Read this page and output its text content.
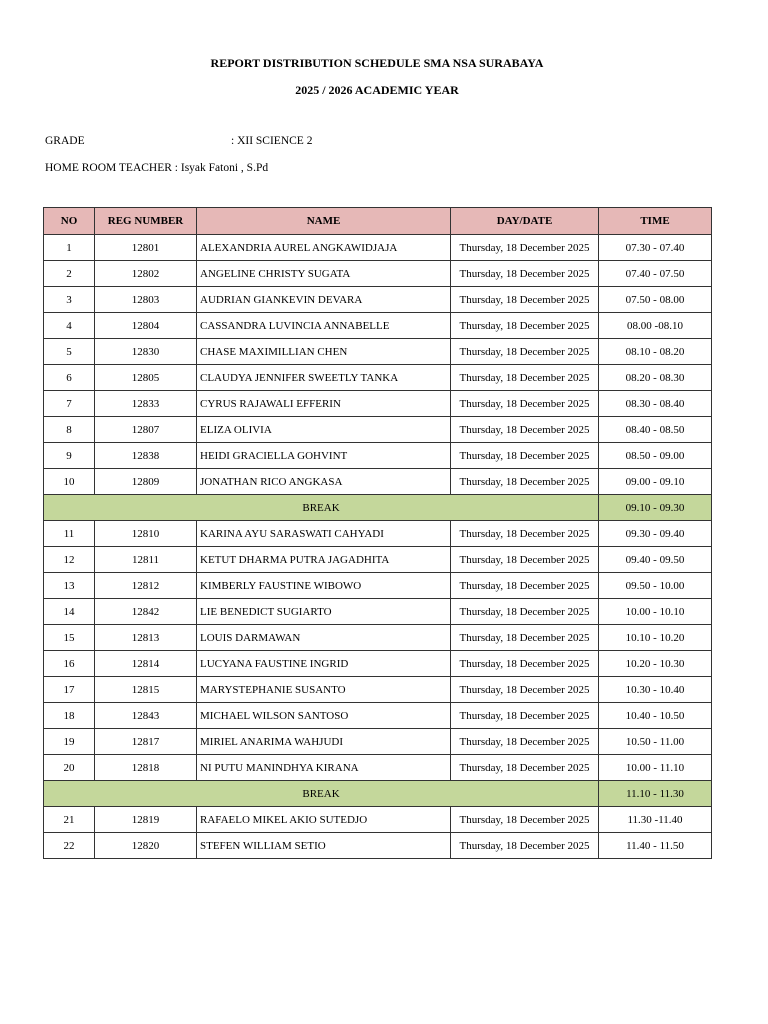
REPORT DISTRIBUTION SCHEDULE SMA NSA SURABAYA
2025 / 2026 ACADEMIC YEAR
GRADE	: XII SCIENCE 2
HOME ROOM TEACHER : Isyak Fatoni , S.Pd
NO	REG NUMBER	NAME	DAY/DATE	TIME
1	12801	ALEXANDRIA AUREL ANGKAWIDJAJA	Thursday, 18 December 2025	07.30 - 07.40
2	12802	ANGELINE CHRISTY SUGATA	Thursday, 18 December 2025	07.40 - 07.50
3	12803	AUDRIAN GIANKEVIN DEVARA	Thursday, 18 December 2025	07.50 - 08.00
4	12804	CASSANDRA LUVINCIA ANNABELLE	Thursday, 18 December 2025	08.00 -08.10
5	12830	CHASE MAXIMILLIAN CHEN	Thursday, 18 December 2025	08.10 - 08.20
6	12805	CLAUDYA JENNIFER SWEETLY TANKA	Thursday, 18 December 2025	08.20 - 08.30
7	12833	CYRUS RAJAWALI EFFERIN	Thursday, 18 December 2025	08.30 - 08.40
8	12807	ELIZA OLIVIA	Thursday, 18 December 2025	08.40 - 08.50
9	12838	HEIDI GRACIELLA GOHVINT	Thursday, 18 December 2025	08.50 - 09.00
10	12809	JONATHAN RICO ANGKASA	Thursday, 18 December 2025	09.00 - 09.10
BREAK				09.10 - 09.30
11	12810	KARINA AYU SARASWATI CAHYADI	Thursday, 18 December 2025	09.30 - 09.40
12	12811	KETUT DHARMA PUTRA JAGADHITA	Thursday, 18 December 2025	09.40 - 09.50
13	12812	KIMBERLY FAUSTINE WIBOWO	Thursday, 18 December 2025	09.50 - 10.00
14	12842	LIE BENEDICT SUGIARTO	Thursday, 18 December 2025	10.00 - 10.10
15	12813	LOUIS DARMAWAN	Thursday, 18 December 2025	10.10 - 10.20
16	12814	LUCYANA FAUSTINE INGRID	Thursday, 18 December 2025	10.20 - 10.30
17	12815	MARYSTEPHANIE SUSANTO	Thursday, 18 December 2025	10.30 - 10.40
18	12843	MICHAEL WILSON SANTOSO	Thursday, 18 December 2025	10.40 - 10.50
19	12817	MIRIEL ANARIMA WAHJUDI	Thursday, 18 December 2025	10.50 - 11.00
20	12818	NI PUTU MANINDHYA KIRANA	Thursday, 18 December 2025	10.00 - 11.10
BREAK				11.10 - 11.30
21	12819	RAFAELO MIKEL AKIO SUTEDJO	Thursday, 18 December 2025	11.30 -11.40
22	12820	STEFEN WILLIAM SETIO	Thursday, 18 December 2025	11.40 - 11.50
